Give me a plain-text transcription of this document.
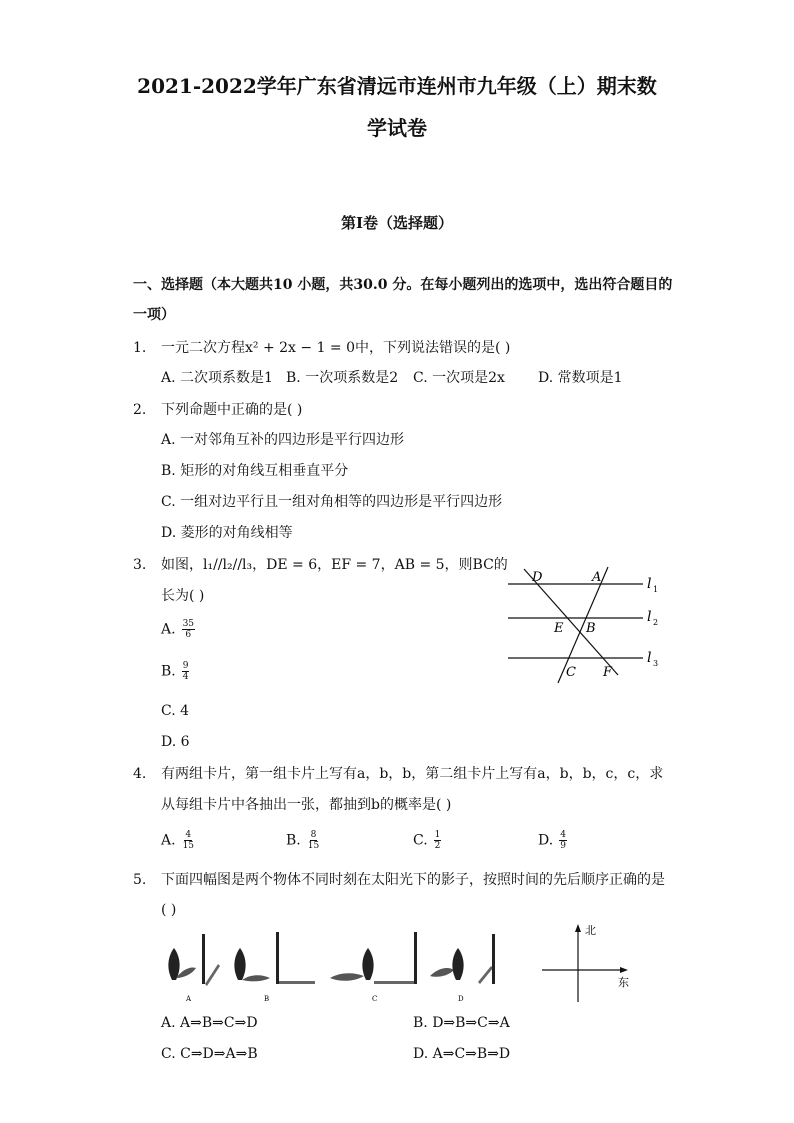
2021-2022学年广东省清远市连州市九年级（上）期末数
学试卷
第I卷（选择题）
一、选择题（本大题共10 小题，共30.0 分。在每小题列出的选项中，选出符合题目的
一项）
1. 一元二次方程x² + 2x − 1 = 0中，下列说法错误的是( )
A. 二次项系数是1 B. 一次项系数是2 C. 一次项是2x D. 常数项是1
2. 下列命题中正确的是( )
A. 一对邻角互补的四边形是平行四边形
B. 矩形的对角线互相垂直平分
C. 一组对边平行且一组对角相等的四边形是平行四边形
D. 菱形的对角线相等
3. 如图，l₁//l₂//l₃，DE = 6，EF = 7，AB = 5，则BC的
长为( )
A. $\frac{35}{6}$
B. $\frac{9}{4}$
C. 4
D. 6
D	A
E B
C F
l 1
l 2
l 3
4. 有两组卡片，第一组卡片上写有a，b，b，第二组卡片上写有a，b，b，c，c，求
从每组卡片中各抽出一张，都抽到b的概率是( )
A. $\frac{4}{15}$	B. $\frac{8}{15}$	C. $\frac{1}{2}$	D. $\frac{4}{9}$
5. 下面四幅图是两个物体不同时刻在太阳光下的影子，按照时间的先后顺序正确的是
( )
A	B	C	D
北
东
A. A⇒B⇒C⇒D	B. D⇒B⇒C⇒A
C. C⇒D⇒A⇒B	D. A⇒C⇒B⇒D
